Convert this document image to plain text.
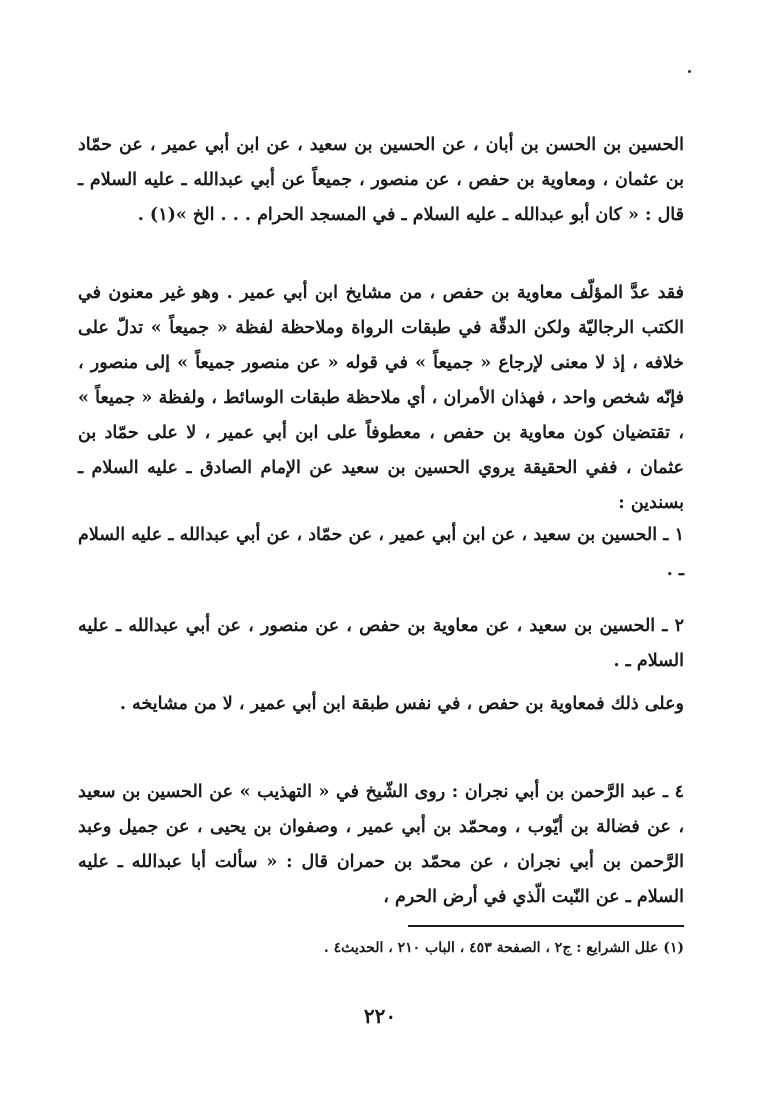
الحسين بن الحسن بن أبان ، عن الحسين بن سعيد ، عن ابن أبي عمير ، عن حمّاد بن عثمان ، ومعاوية بن حفص ، عن منصور ، جميعاً عن أبي عبدالله ـ عليه السلام ـ قال : « كان أبو عبدالله ـ عليه السلام ـ في المسجد الحرام . . . الخ »(١) .

فقد عدَّ المؤلّف معاوية بن حفص ، من مشايخ ابن أبي عمير . وهو غير معنون في الكتب الرجاليّة ولكن الدقّة في طبقات الرواة وملاحظة لفظة « جميعاً » تدلّ على خلافه ، إذ لا معنى لإرجاع « جميعاً » في قوله « عن منصور جميعاً » إلى منصور ، فإنّه شخص واحد ، فهذان الأمران ، أي ملاحظة طبقات الوسائط ، ولفظة « جميعاً » ، تقتضيان كون معاوية بن حفص ، معطوفاً على ابن أبي عمير ، لا على حمّاد بن عثمان ، ففي الحقيقة يروي الحسين بن سعيد عن الإمام الصادق ـ عليه السلام ـ بسندين :

١ ـ الحسين بن سعيد ، عن ابن أبي عمير ، عن حمّاد ، عن أبي عبدالله ـ عليه السلام ـ .

٢ ـ الحسين بن سعيد ، عن معاوية بن حفص ، عن منصور ، عن أبي عبدالله ـ عليه السلام ـ .

وعلى ذلك فمعاوية بن حفص ، في نفس طبقة ابن أبي عمير ، لا من مشايخه .

٤ ـ عبد الرَّحمن بن أبي نجران : روى الشّيخ في « التهذيب » عن الحسين بن سعيد ، عن فضالة بن أيّوب ، ومحمّد بن أبي عمير ، وصفوان بن يحيى ، عن جميل وعبد الرَّحمن بن أبي نجران ، عن محمّد بن حمران قال : « سألت أبا عبدالله ـ عليه السلام ـ عن النّبت الّذي في أرض الحرم ،

(١) علل الشرايع : ج٢ ، الصفحة ٤٥٣ ، الباب ٢١٠ ، الحديث٤ .
٢٢٠
